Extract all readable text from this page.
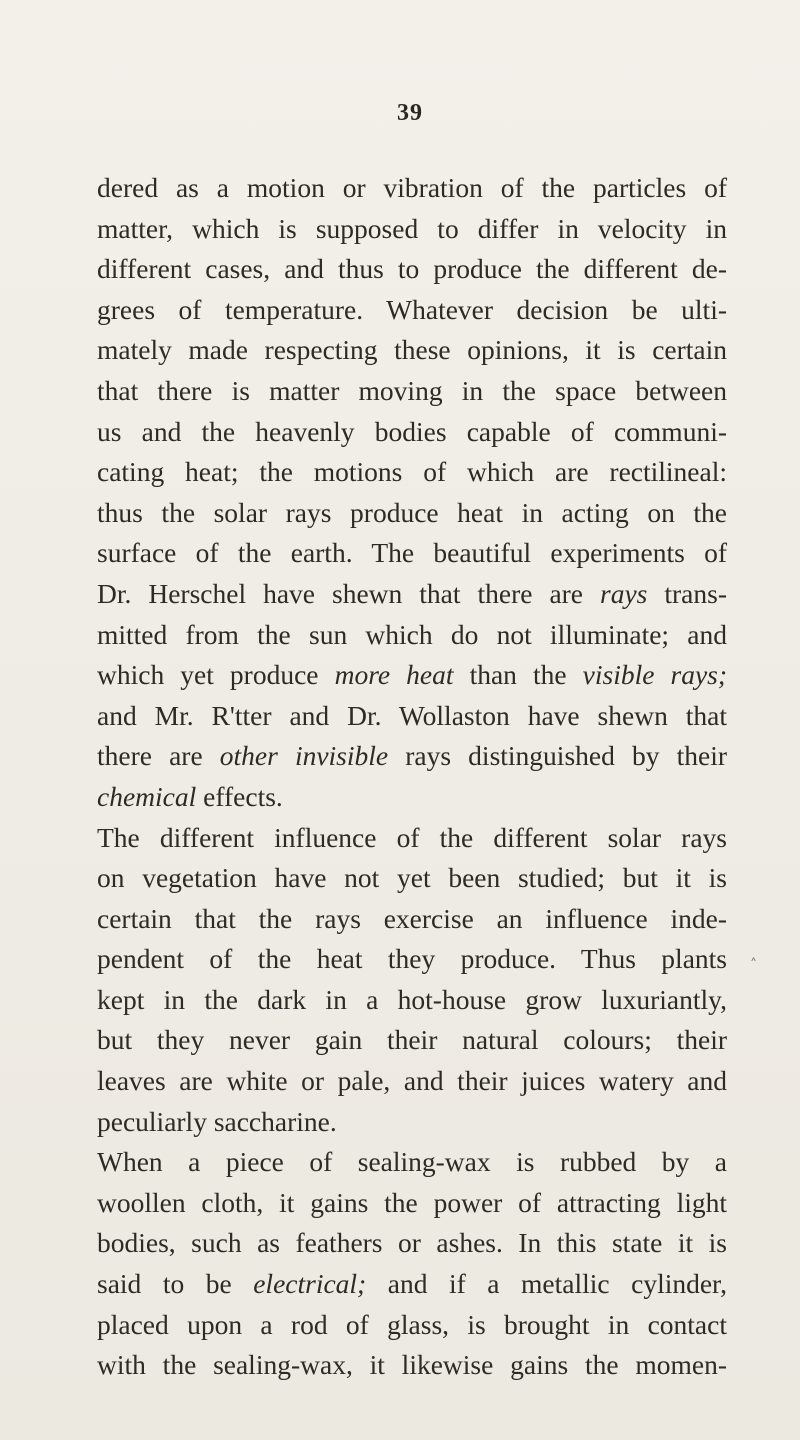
39
dered as a motion or vibration of the particles of
matter, which is supposed to differ in velocity in
different cases, and thus to produce the different de-
grees of temperature. Whatever decision be ulti-
mately made respecting these opinions, it is certain
that there is matter moving in the space between
us and the heavenly bodies capable of communi-
cating heat; the motions of which are rectilineal:
thus the solar rays produce heat in acting on the
surface of the earth. The beautiful experiments of
Dr. Herschel have shewn that there are rays trans-
mitted from the sun which do not illuminate; and
which yet produce more heat than the visible rays;
and Mr. R'tter and Dr. Wollaston have shewn that
there are other invisible rays distinguished by their
chemical effects.
The different influence of the different solar rays
on vegetation have not yet been studied; but it is
certain that the rays exercise an influence inde-
pendent of the heat they produce. Thus plants
kept in the dark in a hot-house grow luxuriantly,
but they never gain their natural colours; their
leaves are white or pale, and their juices watery and
peculiarly saccharine.
When a piece of sealing-wax is rubbed by a
woollen cloth, it gains the power of attracting light
bodies, such as feathers or ashes. In this state it is
said to be electrical; and if a metallic cylinder,
placed upon a rod of glass, is brought in contact
with the sealing-wax, it likewise gains the momen-
˄
